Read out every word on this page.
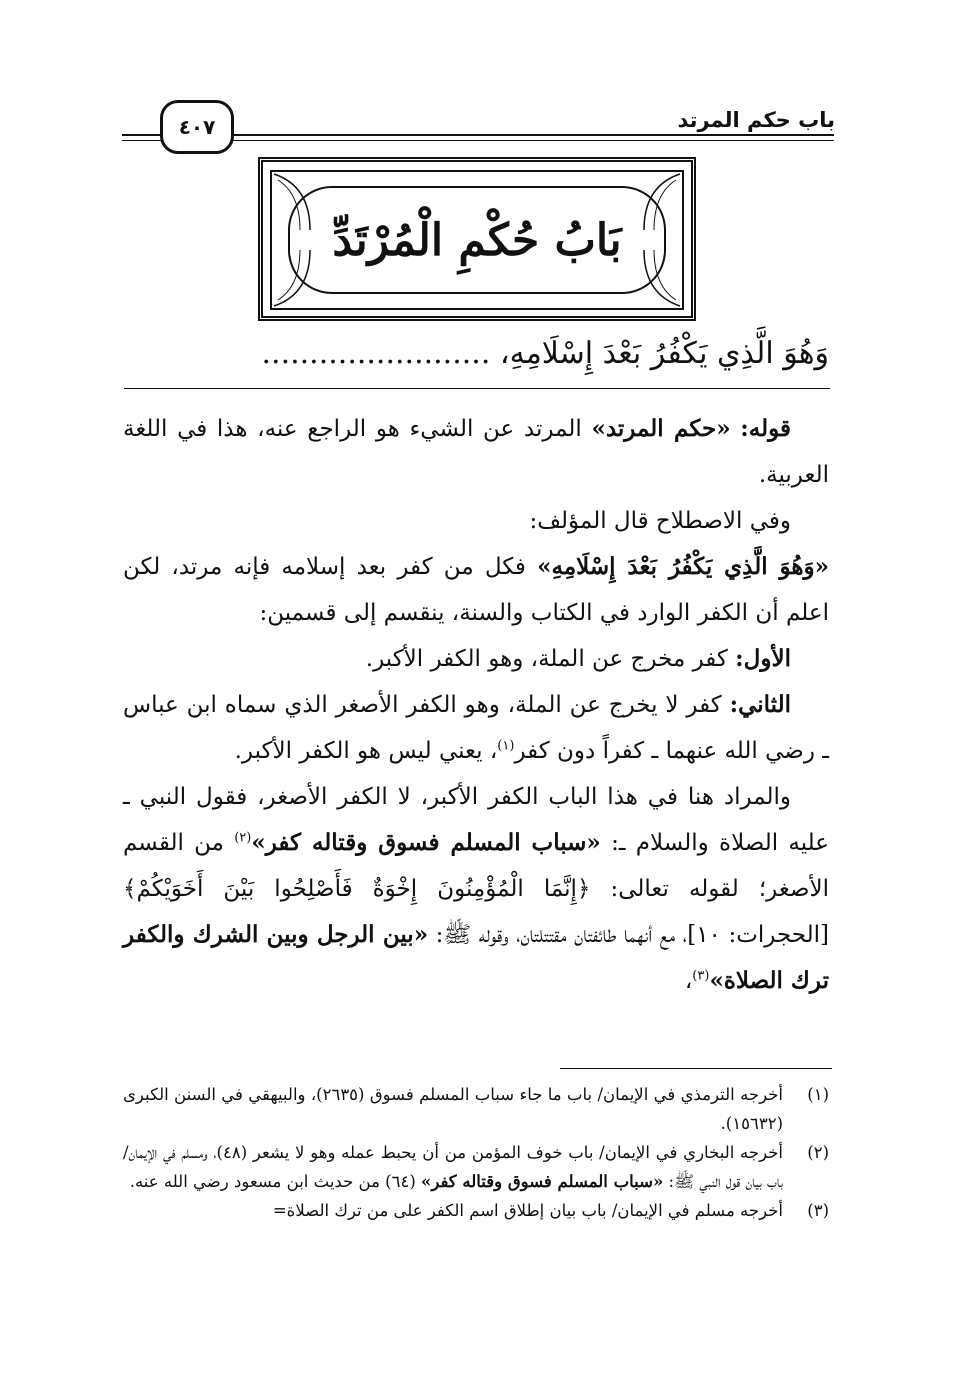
باب حكم المرتد
٤٠٧
بَابُ حُكْمِ الْمُرْتَدِّ
وَهُوَ الَّذِي يَكْفُرُ بَعْدَ إِسْلَامِهِ، ........................

قوله: «حكم المرتد» المرتد عن الشيء هو الراجع عنه، هذا في اللغة العربية.

وفي الاصطلاح قال المؤلف:

«وَهُوَ الَّذِي يَكْفُرُ بَعْدَ إِسْلَامِهِ» فكل من كفر بعد إسلامه فإنه مرتد، لكن اعلم أن الكفر الوارد في الكتاب والسنة، ينقسم إلى قسمين:

الأول: كفر مخرج عن الملة، وهو الكفر الأكبر.

الثاني: كفر لا يخرج عن الملة، وهو الكفر الأصغر الذي سماه ابن عباس ـ رضي الله عنهما ـ كفراً دون كفر$^{(١)}$، يعني ليس هو الكفر الأكبر.

والمراد هنا في هذا الباب الكفر الأكبر، لا الكفر الأصغر، فقول النبي ـ عليه الصلاة والسلام ـ: «سباب المسلم فسوق وقتاله كفر»$^{(٢)}$ من القسم الأصغر؛ لقوله تعالى: ﴿إِنَّمَا الْمُؤْمِنُونَ إِخْوَةٌ فَأَصْلِحُوا بَيْنَ أَخَوَيْكُمْ﴾ [الحجرات: ١٠]، مع أنهما طائفتان مقتتلتان، وقوله ﷺ: «بين الرجل وبين الشرك والكفر ترك الصلاة»$^{(٣)}$،

(١)
أخرجه الترمذي في الإيمان/ باب ما جاء سباب المسلم فسوق (٢٦٣٥)، والبيهقي في السنن الكبرى (١٥٦٣٢).
(٢)
أخرجه البخاري في الإيمان/ باب خوف المؤمن من أن يحبط عمله وهو لا يشعر (٤٨)، ومسلم في الإيمان/ باب بيان قول النبي ﷺ: «سباب المسلم فسوق وقتاله كفر» (٦٤) من حديث ابن مسعود رضي الله عنه.
(٣)
أخرجه مسلم في الإيمان/ باب بيان إطلاق اسم الكفر على من ترك الصلاة=
